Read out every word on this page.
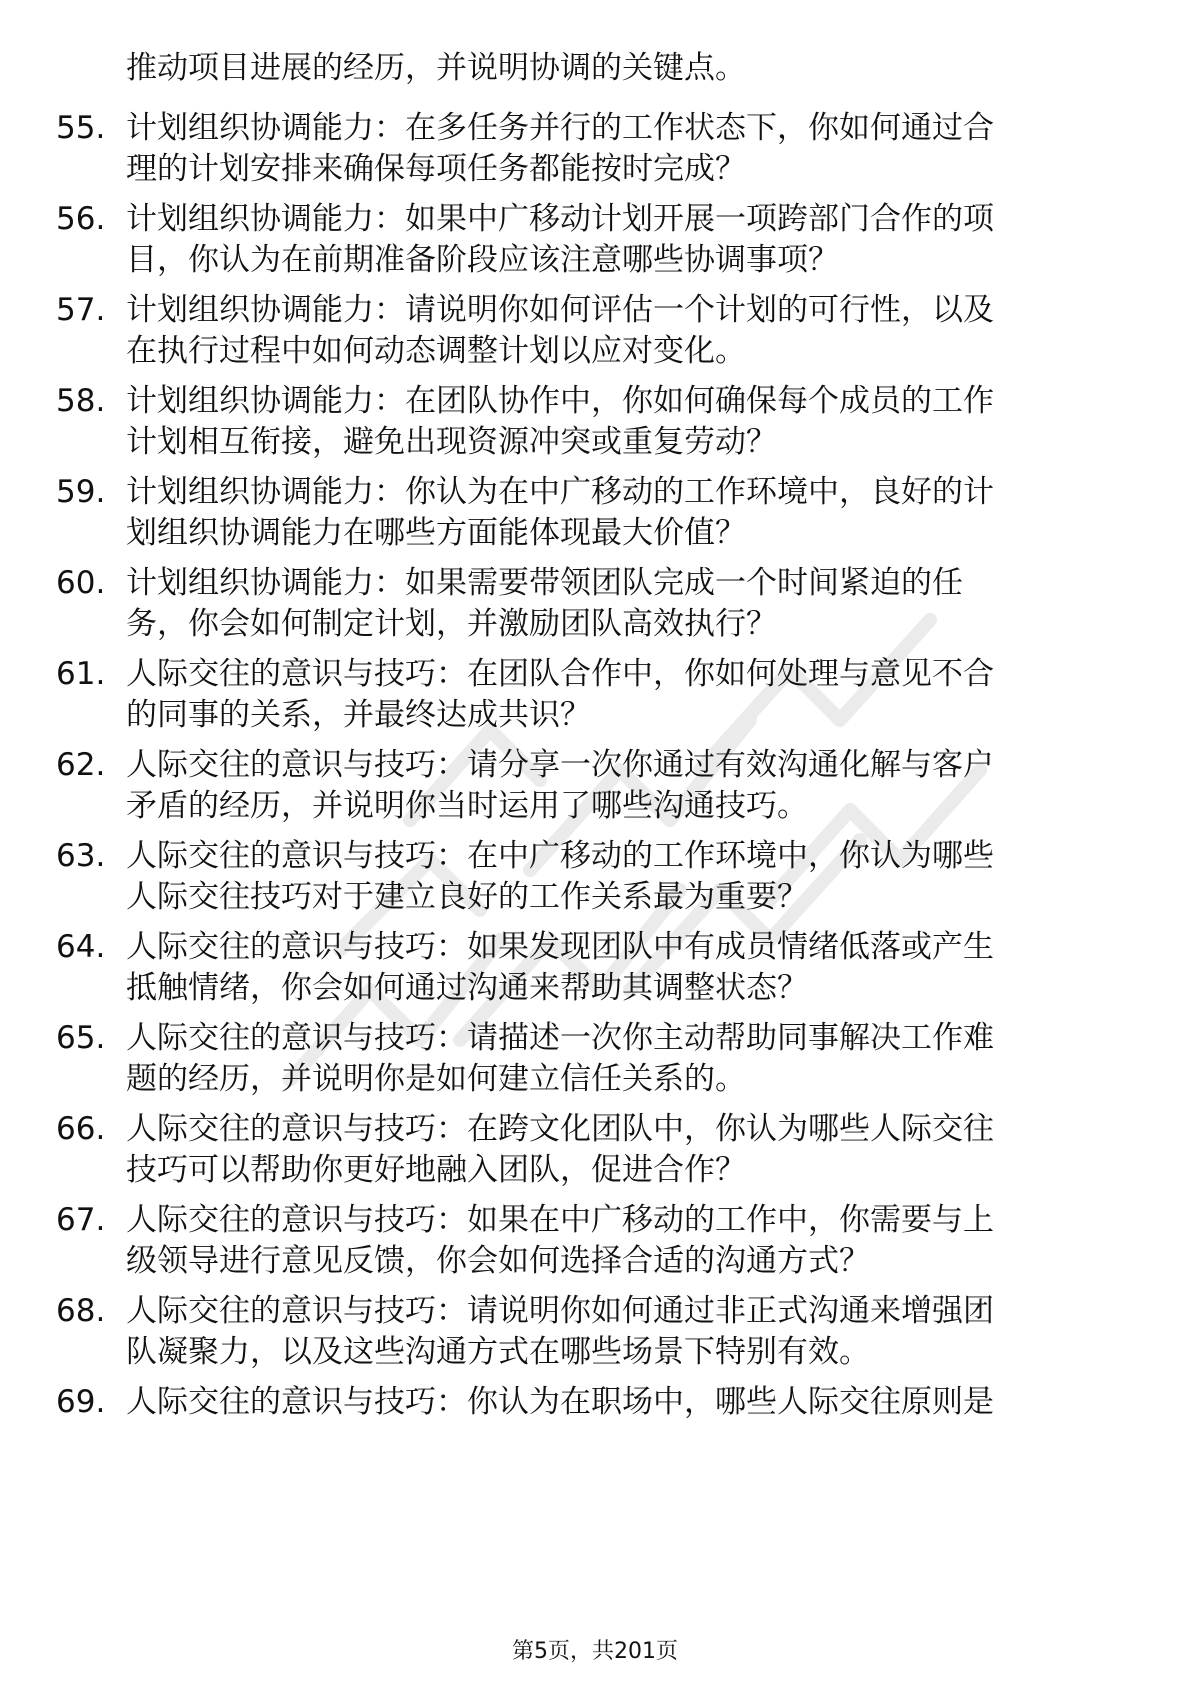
推动项目进展的经历，并说明协调的关键点。
55. 计划组织协调能力：在多任务并行的工作状态下，你如何通过合
理的计划安排来确保每项任务都能按时完成？
56. 计划组织协调能力：如果中广移动计划开展一项跨部门合作的项
目，你认为在前期准备阶段应该注意哪些协调事项？
57. 计划组织协调能力：请说明你如何评估一个计划的可行性，以及
在执行过程中如何动态调整计划以应对变化。
58. 计划组织协调能力：在团队协作中，你如何确保每个成员的工作
计划相互衔接，避免出现资源冲突或重复劳动？
59. 计划组织协调能力：你认为在中广移动的工作环境中，良好的计
划组织协调能力在哪些方面能体现最大价值？
60. 计划组织协调能力：如果需要带领团队完成一个时间紧迫的任
务，你会如何制定计划，并激励团队高效执行？
61. 人际交往的意识与技巧：在团队合作中，你如何处理与意见不合
的同事的关系，并最终达成共识？
62. 人际交往的意识与技巧：请分享一次你通过有效沟通化解与客户
矛盾的经历，并说明你当时运用了哪些沟通技巧。
63. 人际交往的意识与技巧：在中广移动的工作环境中，你认为哪些
人际交往技巧对于建立良好的工作关系最为重要？
64. 人际交往的意识与技巧：如果发现团队中有成员情绪低落或产生
抵触情绪，你会如何通过沟通来帮助其调整状态？
65. 人际交往的意识与技巧：请描述一次你主动帮助同事解决工作难
题的经历，并说明你是如何建立信任关系的。
66. 人际交往的意识与技巧：在跨文化团队中，你认为哪些人际交往
技巧可以帮助你更好地融入团队，促进合作？
67. 人际交往的意识与技巧：如果在中广移动的工作中，你需要与上
级领导进行意见反馈，你会如何选择合适的沟通方式？
68. 人际交往的意识与技巧：请说明你如何通过非正式沟通来增强团
队凝聚力，以及这些沟通方式在哪些场景下特别有效。
69. 人际交往的意识与技巧：你认为在职场中，哪些人际交往原则是
第5页，共201页
